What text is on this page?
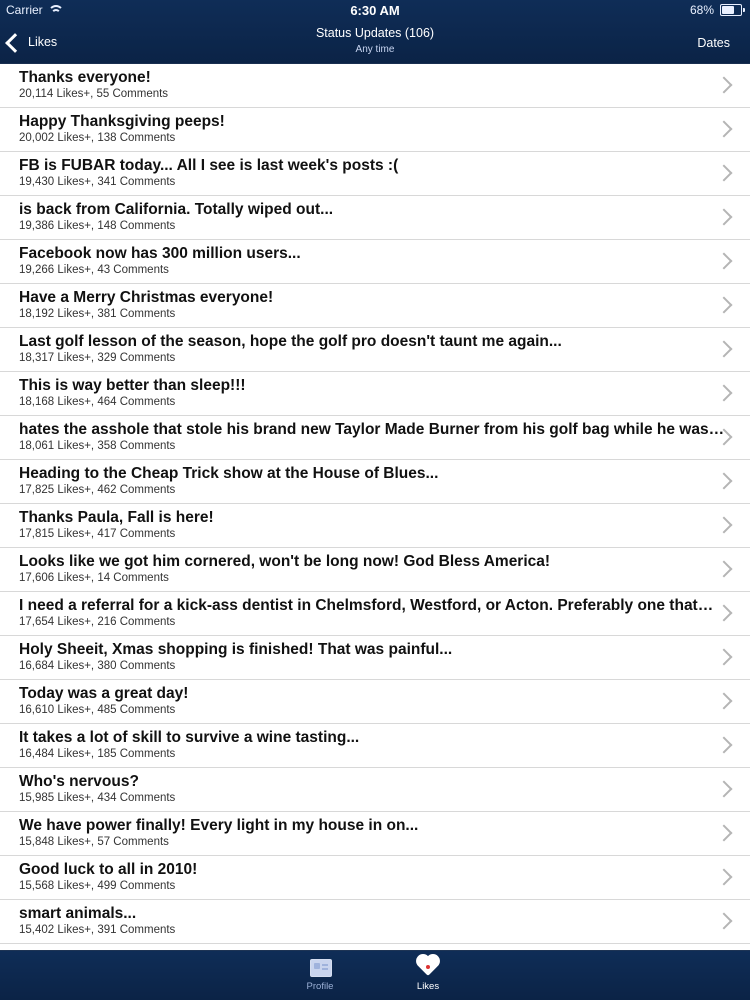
Carrier	6:30 AM	68%
Likes
Status Updates (106)
Any time	Dates
Thanks everyone!
20,114 Likes+, 55 Comments
Happy Thanksgiving peeps!
20,002 Likes+, 138 Comments
FB is FUBAR today... All I see is last week's posts :(
19,430 Likes+, 341 Comments
is back from California. Totally wiped out...
19,386 Likes+, 148 Comments
Facebook now has 300 million users...
19,266 Likes+, 43 Comments
Have a Merry Christmas everyone!
18,192 Likes+, 381 Comments
Last golf lesson of the season, hope the golf pro doesn't taunt me again...
18,317 Likes+, 329 Comments
This is way better than sleep!!!
18,168 Likes+, 464 Comments
hates the asshole that stole his brand new Taylor Made Burner from his golf bag while he was…
18,061 Likes+, 358 Comments
Heading to the Cheap Trick show at the House of Blues...
17,825 Likes+, 462 Comments
Thanks Paula, Fall is here!
17,815 Likes+, 417 Comments
Looks like we got him cornered, won't be long now! God Bless America!
17,606 Likes+, 14 Comments
I need a referral for a kick-ass dentist in Chelmsford, Westford, or Acton. Preferably one that…
17,654 Likes+, 216 Comments
Holy Sheeit, Xmas shopping is finished! That was painful...
16,684 Likes+, 380 Comments
Today was a great day!
16,610 Likes+, 485 Comments
It takes a lot of skill to survive a wine tasting...
16,484 Likes+, 185 Comments
Who's nervous?
15,985 Likes+, 434 Comments
We have power finally! Every light in my house in on...
15,848 Likes+, 57 Comments
Good luck to all in 2010!
15,568 Likes+, 499 Comments
smart animals...
15,402 Likes+, 391 Comments
Profile	Likes
